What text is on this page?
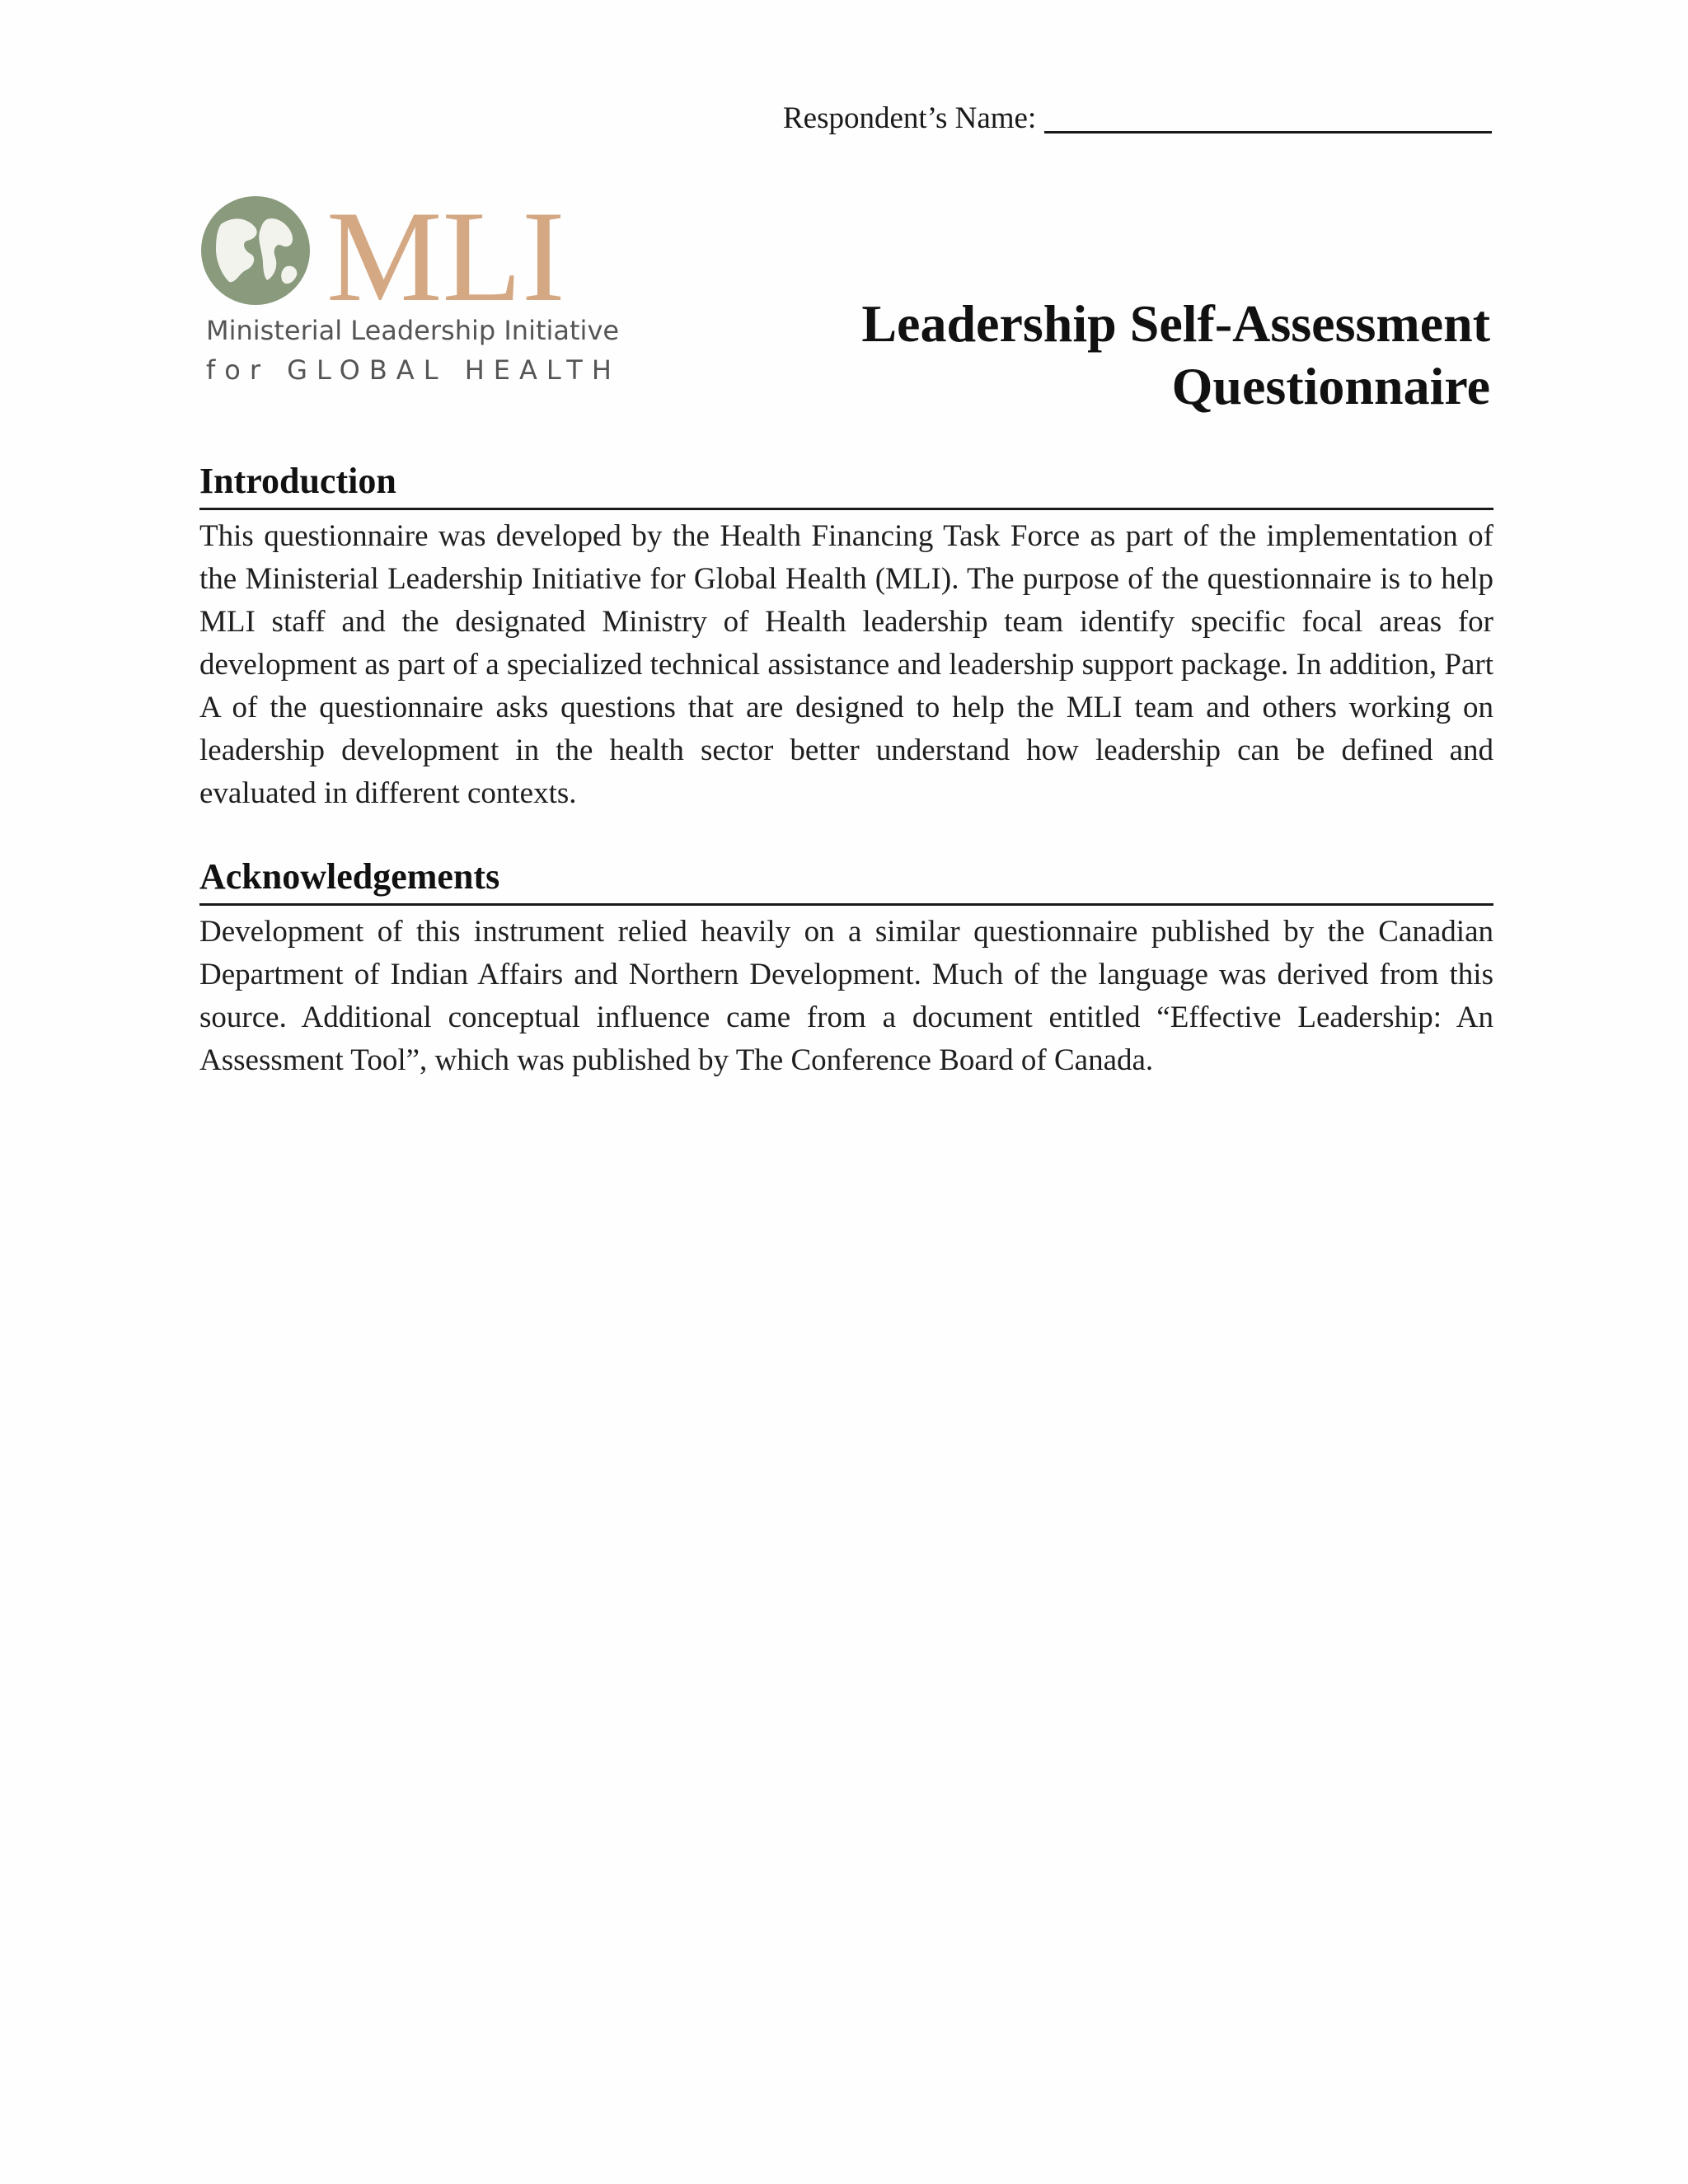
Respondent’s Name:
MLI
Ministerial Leadership Initiative
for GLOBAL HEALTH
Leadership Self-Assessment
Questionnaire
Introduction

This questionnaire was developed by the Health Financing Task Force as part of the implementation of the Ministerial Leadership Initiative for Global Health (MLI). The purpose of the questionnaire is to help MLI staff and the designated Ministry of Health leadership team identify specific focal areas for development as part of a specialized technical assistance and leadership support package. In addition, Part A of the questionnaire asks questions that are designed to help the MLI team and others working on leadership development in the health sector better understand how leadership can be defined and evaluated in different contexts.

Acknowledgements

Development of this instrument relied heavily on a similar questionnaire published by the Canadian Department of Indian Affairs and Northern Development. Much of the language was derived from this source. Additional conceptual influence came from a document entitled “Effective Leadership: An Assessment Tool”, which was published by The Conference Board of Canada.
